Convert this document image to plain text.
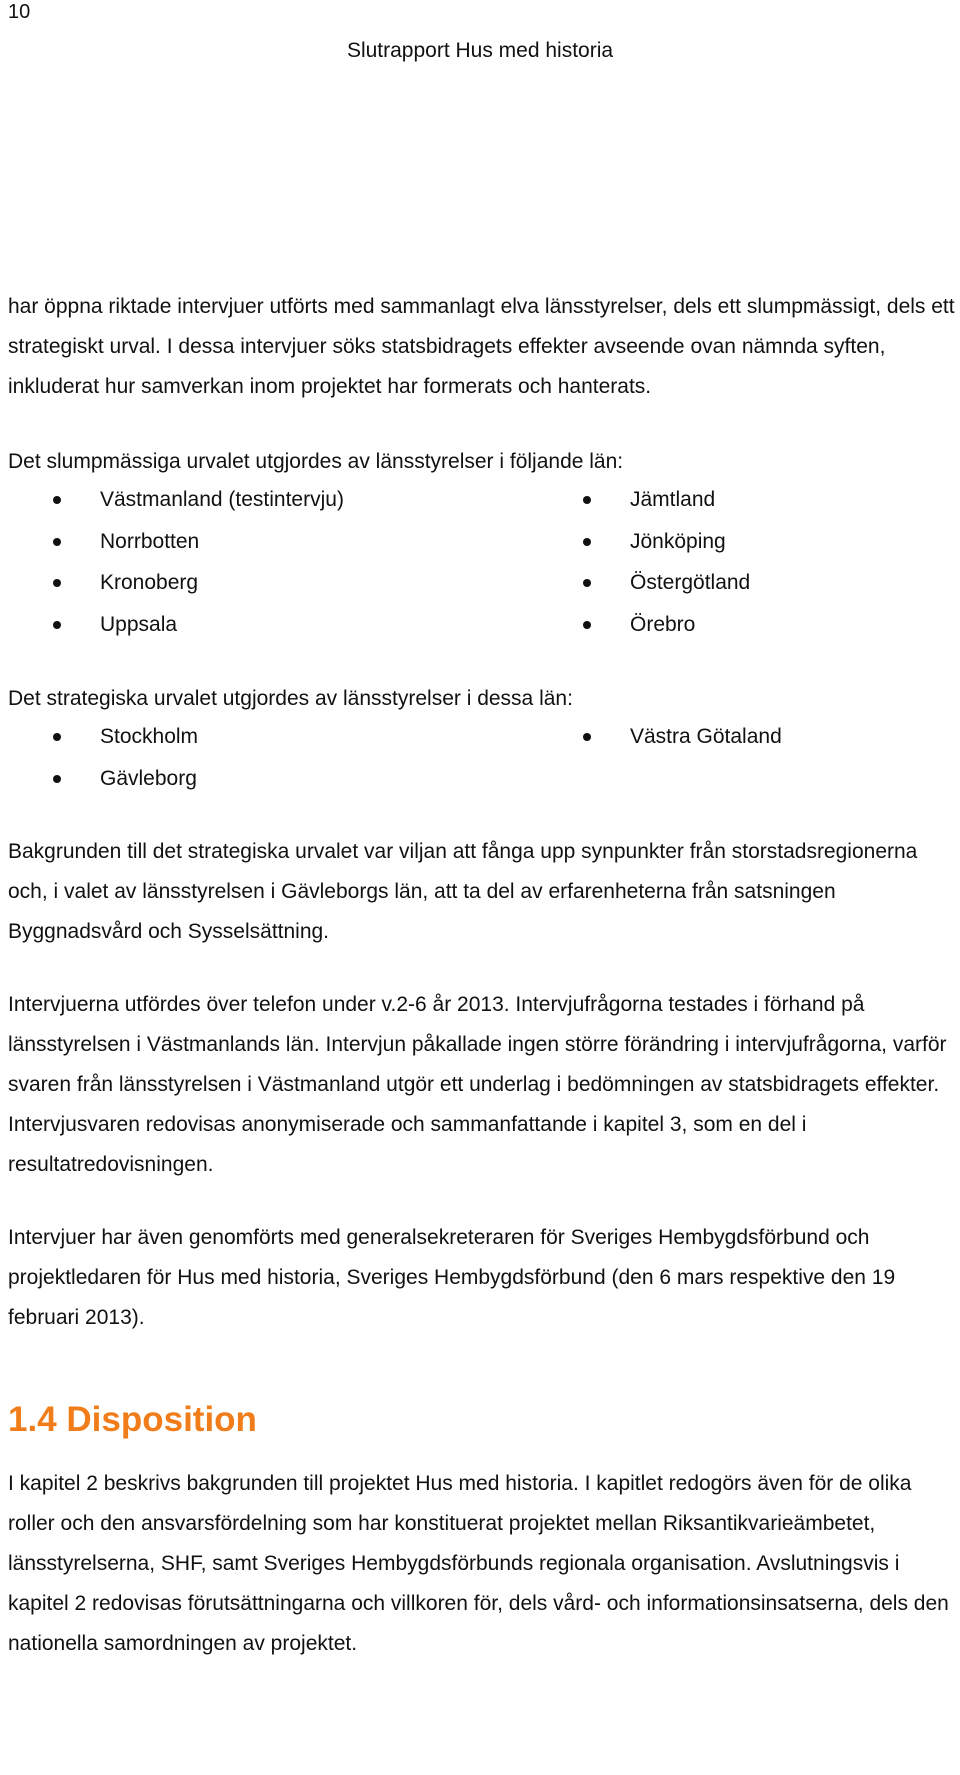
10
Slutrapport Hus med historia

har öppna riktade intervjuer utförts med sammanlagt elva länsstyrelser, dels ett slumpmässigt, dels ett strategiskt urval. I dessa intervjuer söks statsbidragets effekter avseende ovan nämnda syften, inkluderat hur samverkan inom projektet har formerats och hanterats.

Det slumpmässiga urvalet utgjordes av länsstyrelser i följande län:

Västmanland (testintervju)	Jämtland
Norrbotten	Jönköping
Kronoberg	Östergötland
Uppsala	Örebro

Det strategiska urvalet utgjordes av länsstyrelser i dessa län:

Stockholm	Västra Götaland
Gävleborg

Bakgrunden till det strategiska urvalet var viljan att fånga upp synpunkter från storstadsregionerna och, i valet av länsstyrelsen i Gävleborgs län, att ta del av erfarenheterna från satsningen Byggnadsvård och Sysselsättning.

Intervjuerna utfördes över telefon under v.2-6 år 2013. Intervjufrågorna testades i förhand på länsstyrelsen i Västmanlands län. Intervjun påkallade ingen större förändring i intervjufrågorna, varför svaren från länsstyrelsen i Västmanland utgör ett underlag i bedömningen av statsbidragets effekter. Intervjusvaren redovisas anonymiserade och sammanfattande i kapitel 3, som en del i resultatredovisningen.

Intervjuer har även genomförts med generalsekreteraren för Sveriges Hembygdsförbund och projektledaren för Hus med historia, Sveriges Hembygdsförbund (den 6 mars respektive den 19 februari 2013).

1.4 Disposition

I kapitel 2 beskrivs bakgrunden till projektet Hus med historia. I kapitlet redogörs även för de olika roller och den ansvarsfördelning som har konstituerat projektet mellan Riksantikvarieämbetet, länsstyrelserna, SHF, samt Sveriges Hembygdsförbunds regionala organisation. Avslutningsvis i kapitel 2 redovisas förutsättningarna och villkoren för, dels vård- och informationsinsatserna, dels den nationella samordningen av projektet.
